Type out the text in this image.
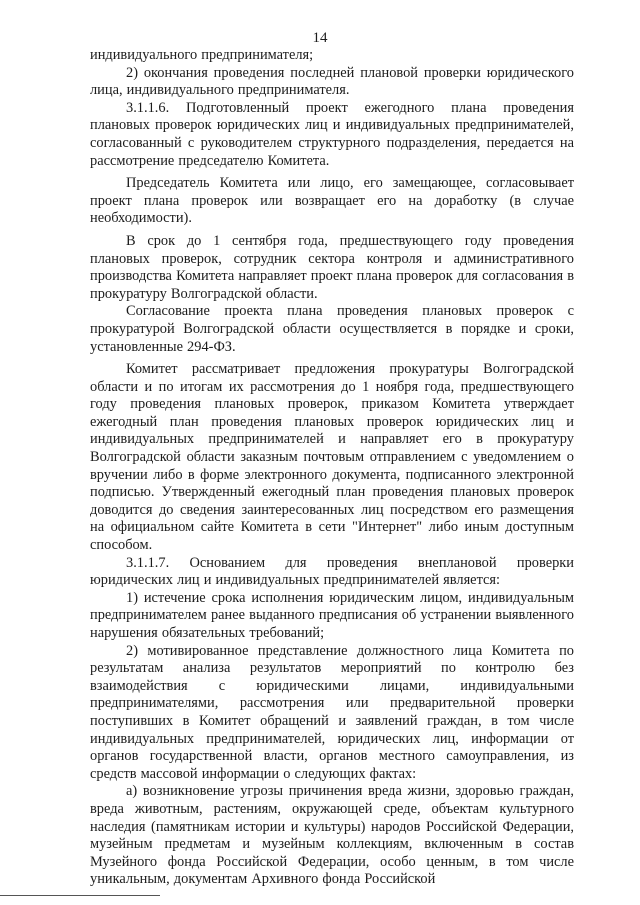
14

индивидуального предпринимателя;

2) окончания проведения последней плановой проверки юридического лица, индивидуального предпринимателя.

3.1.1.6. Подготовленный проект ежегодного плана проведения плановых проверок юридических лиц и индивидуальных предпринимателей, согласованный с руководителем структурного подразделения, передается на рассмотрение председателю Комитета.

Председатель Комитета или лицо, его замещающее, согласовывает проект плана проверок или возвращает его на доработку (в случае необходимости).

В срок до 1 сентября года, предшествующего году проведения плановых проверок, сотрудник сектора контроля и административного производства Комитета направляет проект плана проверок для согласования в прокуратуру Волгоградской области.

Согласование проекта плана проведения плановых проверок с прокуратурой Волгоградской области осуществляется в порядке и сроки, установленные 294-ФЗ.

Комитет рассматривает предложения прокуратуры Волгоградской области и по итогам их рассмотрения до 1 ноября года, предшествующего году проведения плановых проверок, приказом Комитета утверждает ежегодный план проведения плановых проверок юридических лиц и индивидуальных предпринимателей и направляет его в прокуратуру Волгоградской области заказным почтовым отправлением с уведомлением о вручении либо в форме электронного документа, подписанного электронной подписью. Утвержденный ежегодный план проведения плановых проверок доводится до сведения заинтересованных лиц посредством его размещения на официальном сайте Комитета в сети "Интернет" либо иным доступным способом.

3.1.1.7. Основанием для проведения внеплановой проверки юридических лиц и индивидуальных предпринимателей является:

1) истечение срока исполнения юридическим лицом, индивидуальным предпринимателем ранее выданного предписания об устранении выявленного нарушения обязательных требований;

2) мотивированное представление должностного лица Комитета по результатам анализа результатов мероприятий по контролю без взаимодействия с юридическими лицами, индивидуальными предпринимателями, рассмотрения или предварительной проверки поступивших в Комитет обращений и заявлений граждан, в том числе индивидуальных предпринимателей, юридических лиц, информации от органов государственной власти, органов местного самоуправления, из средств массовой информации о следующих фактах:

а) возникновение угрозы причинения вреда жизни, здоровью граждан, вреда животным, растениям, окружающей среде, объектам культурного наследия (памятникам истории и культуры) народов Российской Федерации, музейным предметам и музейным коллекциям, включенным в состав Музейного фонда Российской Федерации, особо ценным, в том числе уникальным, документам Архивного фонда Российской
